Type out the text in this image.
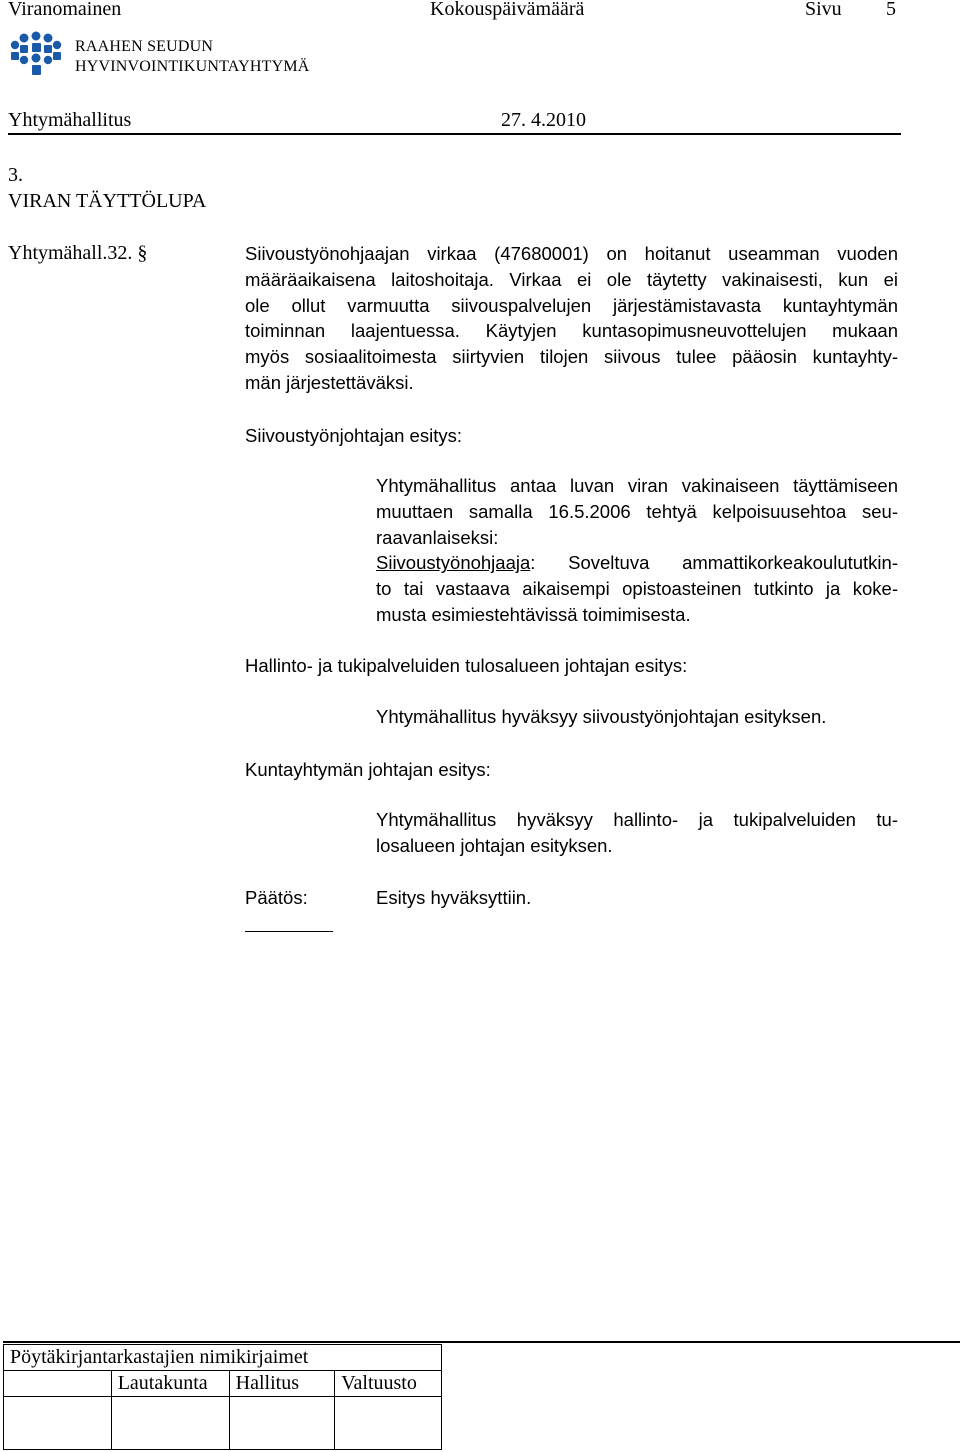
Viranomainen	Kokouspäivämäärä	Sivu 5
RAAHEN SEUDUN
HYVINVOINTIKUNTAYHTYMÄ
Yhtymähallitus	27. 4.2010
3.
VIRAN TÄYTTÖLUPA
Yhtymähall.32. §	Siivoustyönohjaajan virkaa (47680001) on hoitanut useamman vuoden
määräaikaisena laitoshoitaja. Virkaa ei ole täytetty vakinaisesti, kun ei
ole ollut varmuutta siivouspalvelujen järjestämistavasta kuntayhtymän
toiminnan laajentuessa. Käytyjen kuntasopimusneuvottelujen mukaan
myös sosiaalitoimesta siirtyvien tilojen siivous tulee pääosin kuntayhty-
män järjestettäväksi.
Siivoustyönjohtajan esitys:
Yhtymähallitus antaa luvan viran vakinaiseen täyttämiseen
muuttaen samalla 16.5.2006 tehtyä kelpoisuusehtoa seu-
raavanlaiseksi:
Siivoustyönohjaaja: Soveltuva ammattikorkeakoulututkin-
to tai vastaava aikaisempi opistoasteinen tutkinto ja koke-
musta esimiestehtävissä toimimisesta.
Hallinto- ja tukipalveluiden tulosalueen johtajan esitys:
Yhtymähallitus hyväksyy siivoustyönjohtajan esityksen.
Kuntayhtymän johtajan esitys:
Yhtymähallitus hyväksyy hallinto- ja tukipalveluiden tu-
losalueen johtajan esityksen.
Päätös:	Esitys hyväksyttiin.
Pöytäkirjantarkastajien nimikirjaimet			
	Lautakunta	Hallitus	Valtuusto
